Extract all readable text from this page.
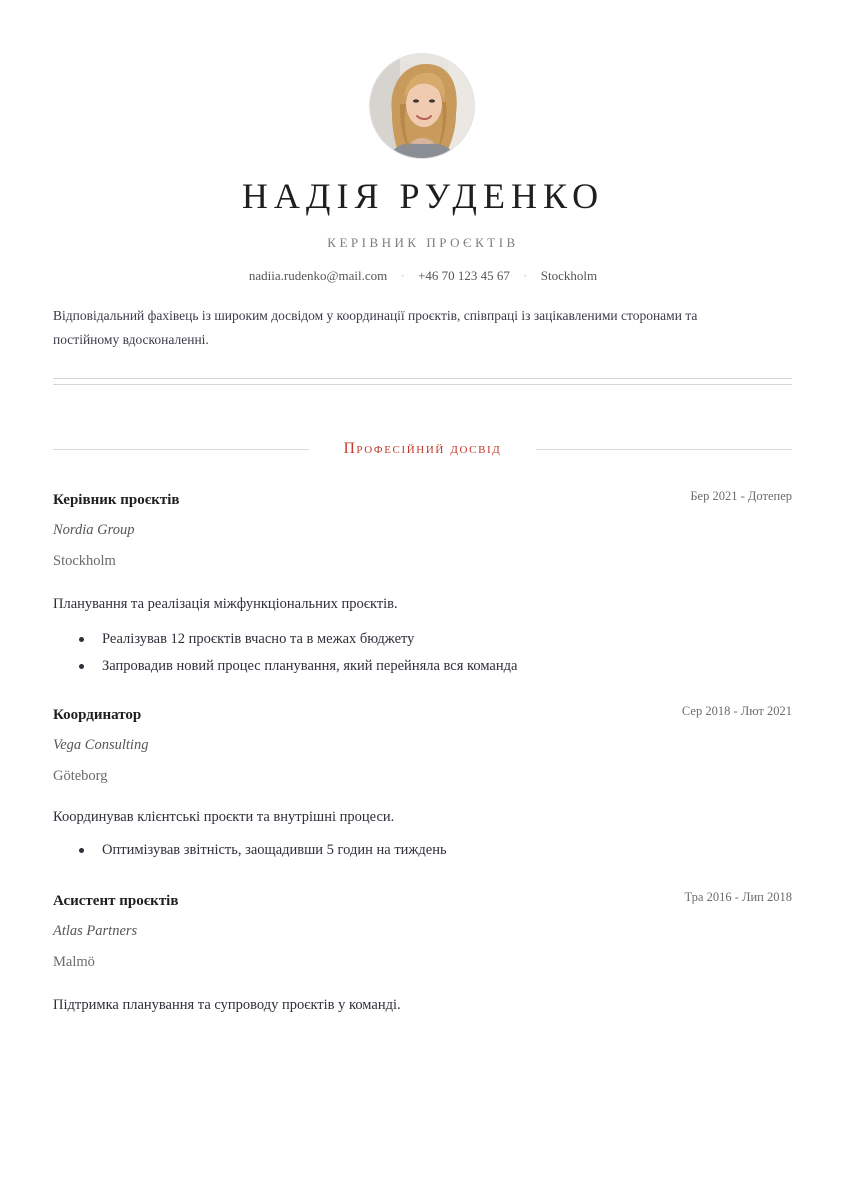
НАДІЯ РУДЕНКО
КЕРІВНИК ПРОЄКТІВ
nadiia.rudenko@mail.com · +46 70 123 45 67 · Stockholm
Відповідальний фахівець із широким досвідом у координації проєктів, співпраці із зацікавленими сторонами та постійному вдосконаленні.
Професійний досвід
Керівник проєктів	Бер 2021 - Дотепер
Nordia Group
Stockholm
Планування та реалізація міжфункціональних проєктів.
Реалізував 12 проєктів вчасно та в межах бюджету
Запровадив новий процес планування, який перейняла вся команда
Координатор	Сер 2018 - Лют 2021
Vega Consulting
Göteborg
Координував клієнтські проєкти та внутрішні процеси.
Оптимізував звітність, заощадивши 5 годин на тиждень
Асистент проєктів	Тра 2016 - Лип 2018
Atlas Partners
Malmö
Підтримка планування та супроводу проєктів у команді.
